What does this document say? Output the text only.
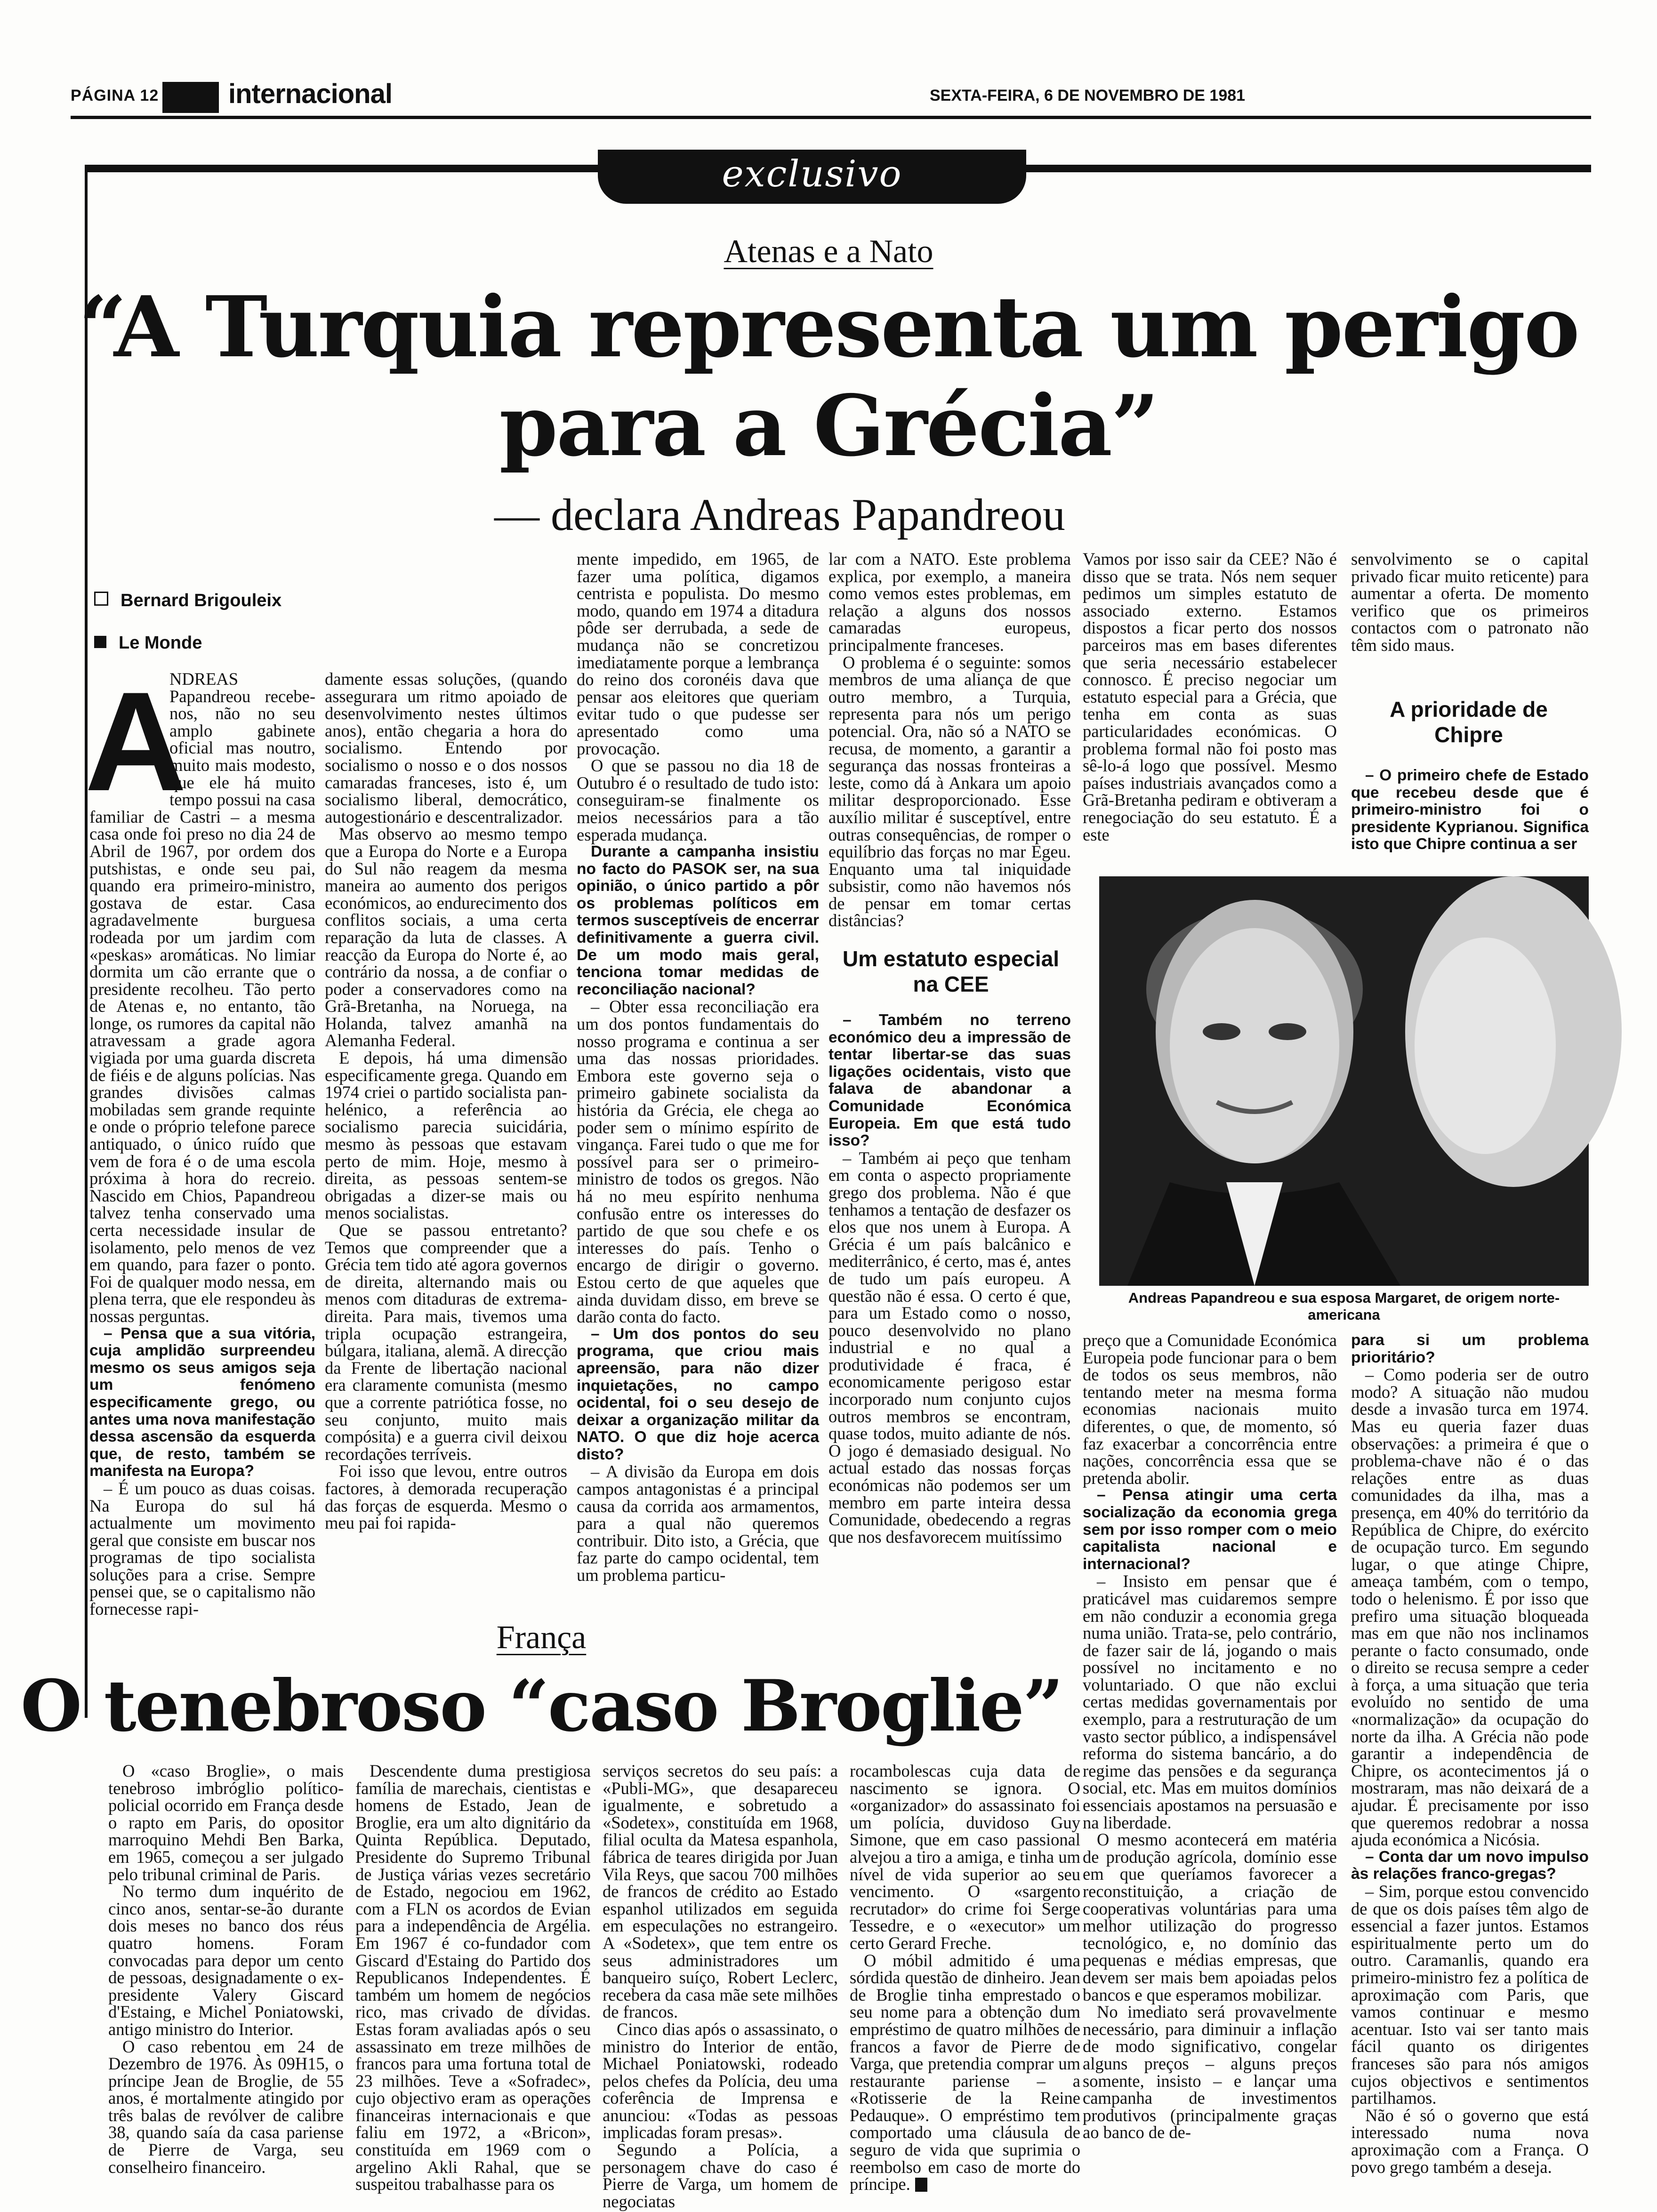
PÁGINA 12	internacional	SEXTA-FEIRA, 6 DE NOVEMBRO DE 1981
exclusivo
Atenas e a Nato
“A Turquia representa um perigo
para a Grécia”
— declara Andreas Papandreou
Bernard Brigouleix
Le Monde
A

NDREAS Papandreou recebe-nos, não no seu amplo gabinete oficial mas noutro, muito mais modesto, que ele há muito tempo possui na casa familiar de Castri – a mesma casa onde foi preso no dia 24 de Abril de 1967, por ordem dos putshistas, e onde seu pai, quando era primeiro-ministro, gostava de estar. Casa agradavelmente burguesa rodeada por um jardim com «peskas» aromáticas. No limiar dormita um cão errante que o presidente recolheu. Tão perto de Atenas e, no entanto, tão longe, os rumores da capital não atravessam a grade agora vigiada por uma guarda discreta de fiéis e de alguns polícias. Nas grandes divisões calmas mobiladas sem grande requinte e onde o próprio telefone parece antiquado, o único ruído que vem de fora é o de uma escola próxima à hora do recreio. Nascido em Chios, Papandreou talvez tenha conservado uma certa necessidade insular de isolamento, pelo menos de vez em quando, para fazer o ponto. Foi de qualquer modo nessa, em plena terra, que ele respondeu às nossas perguntas.

– Pensa que a sua vitória, cuja amplidão surpreendeu mesmo os seus amigos seja um fenómeno especificamente grego, ou antes uma nova manifestação dessa ascensão da esquerda que, de resto, também se manifesta na Europa?

– É um pouco as duas coisas. Na Europa do sul há actualmente um movimento geral que consiste em buscar nos programas de tipo socialista soluções para a crise. Sempre pensei que, se o capitalismo não fornecesse rapi-

damente essas soluções, (quando assegurara um ritmo apoiado de desenvolvimento nestes últimos anos), então chegaria a hora do socialismo. Entendo por socialismo o nosso e o dos nossos camaradas franceses, isto é, um socialismo liberal, democrático, autogestionário e descentralizador.

Mas observo ao mesmo tempo que a Europa do Norte e a Europa do Sul não reagem da mesma maneira ao aumento dos perigos económicos, ao endurecimento dos conflitos sociais, a uma certa reparação da luta de classes. A reacção da Europa do Norte é, ao contrário da nossa, a de confiar o poder a conservadores como na Grã-Bretanha, na Noruega, na Holanda, talvez amanhã na Alemanha Federal.

E depois, há uma dimensão especificamente grega. Quando em 1974 criei o partido socialista pan-helénico, a referência ao socialismo parecia suicidária, mesmo às pessoas que estavam perto de mim. Hoje, mesmo à direita, as pessoas sentem-se obrigadas a dizer-se mais ou menos socialistas.

Que se passou entretanto? Temos que compreender que a Grécia tem tido até agora governos de direita, alternando mais ou menos com ditaduras de extrema-direita. Para mais, tivemos uma tripla ocupação estrangeira, búlgara, italiana, alemã. A direcção da Frente de libertação nacional era claramente comunista (mesmo que a corrente patriótica fosse, no seu conjunto, muito mais compósita) e a guerra civil deixou recordações terríveis.

Foi isso que levou, entre outros factores, à demorada recuperação das forças de esquerda. Mesmo o meu pai foi rapida-

mente impedido, em 1965, de fazer uma política, digamos centrista e populista. Do mesmo modo, quando em 1974 a ditadura pôde ser derrubada, a sede de mudança não se concretizou imediatamente porque a lembrança do reino dos coronéis dava que pensar aos eleitores que queriam evitar tudo o que pudesse ser apresentado como uma provocação.

O que se passou no dia 18 de Outubro é o resultado de tudo isto: conseguiram-se finalmente os meios necessários para a tão esperada mudança.

Durante a campanha insistiu no facto do PASOK ser, na sua opinião, o único partido a pôr os problemas políticos em termos susceptíveis de encerrar definitivamente a guerra civil. De um modo mais geral, tenciona tomar medidas de reconciliação nacional?

– Obter essa reconciliação era um dos pontos fundamentais do nosso programa e continua a ser uma das nossas prioridades. Embora este governo seja o primeiro gabinete socialista da história da Grécia, ele chega ao poder sem o mínimo espírito de vingança. Farei tudo o que me for possível para ser o primeiro-ministro de todos os gregos. Não há no meu espírito nenhuma confusão entre os interesses do partido de que sou chefe e os interesses do país. Tenho o encargo de dirigir o governo. Estou certo de que aqueles que ainda duvidam disso, em breve se darão conta do facto.

– Um dos pontos do seu programa, que criou mais apreensão, para não dizer inquietações, no campo ocidental, foi o seu desejo de deixar a organização militar da NATO. O que diz hoje acerca disto?

– A divisão da Europa em dois campos antagonistas é a principal causa da corrida aos armamentos, para a qual não queremos contribuir. Dito isto, a Grécia, que faz parte do campo ocidental, tem um problema particu-

lar com a NATO. Este problema explica, por exemplo, a maneira como vemos estes problemas, em relação a alguns dos nossos camaradas europeus, principalmente franceses.

O problema é o seguinte: somos membros de uma aliança de que outro membro, a Turquia, representa para nós um perigo potencial. Ora, não só a NATO se recusa, de momento, a garantir a segurança das nossas fronteiras a leste, como dá à Ankara um apoio militar desproporcionado. Esse auxílio militar é susceptível, entre outras consequências, de romper o equilíbrio das forças no mar Egeu. Enquanto uma tal iniquidade subsistir, como não havemos nós de pensar em tomar certas distâncias?

Um estatuto especial na CEE

– Também no terreno económico deu a impressão de tentar libertar-se das suas ligações ocidentais, visto que falava de abandonar a Comunidade Económica Europeia. Em que está tudo isso?

– Também ai peço que tenham em conta o aspecto propriamente grego dos problema. Não é que tenhamos a tentação de desfazer os elos que nos unem à Europa. A Grécia é um país balcânico e mediterrânico, é certo, mas é, antes de tudo um país europeu. A questão não é essa. O certo é que, para um Estado como o nosso, pouco desenvolvido no plano industrial e no qual a produtividade é fraca, é economicamente perigoso estar incorporado num conjunto cujos outros membros se encontram, quase todos, muito adiante de nós. O jogo é demasiado desigual. No actual estado das nossas forças económicas não podemos ser um membro em parte inteira dessa Comunidade, obedecendo a regras que nos desfavorecem muitíssimo

Vamos por isso sair da CEE? Não é disso que se trata. Nós nem sequer pedimos um simples estatuto de associado externo. Estamos dispostos a ficar perto dos nossos parceiros mas em bases diferentes que seria necessário estabelecer connosco. É preciso negociar um estatuto especial para a Grécia, que tenha em conta as suas particularidades económicas. O problema formal não foi posto mas sê-lo-á logo que possível. Mesmo países industriais avançados como a Grã-Bretanha pediram e obtiveram a renegociação do seu estatuto. É a este

senvolvimento se o capital privado ficar muito reticente) para aumentar a oferta. De momento verifico que os primeiros contactos com o patronato não têm sido maus.

A prioridade de Chipre

– O primeiro chefe de Estado que recebeu desde que é primeiro-ministro foi o presidente Kyprianou. Significa isto que Chipre continua a ser

Andreas Papandreou e sua esposa Margaret, de origem norte-americana

preço que a Comunidade Económica Europeia pode funcionar para o bem de todos os seus membros, não tentando meter na mesma forma economias nacionais muito diferentes, o que, de momento, só faz exacerbar a concorrência entre nações, concorrência essa que se pretenda abolir.

– Pensa atingir uma certa socialização da economia grega sem por isso romper com o meio capitalista nacional e internacional?

– Insisto em pensar que é praticável mas cuidaremos sempre em não conduzir a economia grega numa união. Trata-se, pelo contrário, de fazer sair de lá, jogando o mais possível no incitamento e no voluntariado. O que não exclui certas medidas governamentais por exemplo, para a restruturação de um vasto sector público, a indispensável reforma do sistema bancário, a do regime das pensões e da segurança social, etc. Mas em muitos domínios essenciais apostamos na persuasão e na liberdade.

O mesmo acontecerá em matéria de produção agrícola, domínio esse em que queríamos favorecer a reconstituição, a criação de cooperativas voluntárias para uma melhor utilização do progresso tecnológico, e, no domínio das pequenas e médias empresas, que devem ser mais bem apoiadas pelos bancos e que esperamos mobilizar.

No imediato será provavelmente necessário, para diminuir a inflação de modo significativo, congelar alguns preços – alguns preços somente, insisto – e lançar uma campanha de investimentos produtivos (principalmente graças ao banco de de-

para si um problema prioritário?

– Como poderia ser de outro modo? A situação não mudou desde a invasão turca em 1974. Mas eu queria fazer duas observações: a primeira é que o problema-chave não é o das relações entre as duas comunidades da ilha, mas a presença, em 40% do território da República de Chipre, do exército de ocupação turco. Em segundo lugar, o que atinge Chipre, ameaça também, com o tempo, todo o helenismo. É por isso que prefiro uma situação bloqueada mas em que não nos inclinamos perante o facto consumado, onde o direito se recusa sempre a ceder à força, a uma situação que teria evoluído no sentido de uma «normalização» da ocupação do norte da ilha. A Grécia não pode garantir a independência de Chipre, os acontecimentos já o mostraram, mas não deixará de a ajudar. É precisamente por isso que queremos redobrar a nossa ajuda económica a Nicósia.

– Conta dar um novo impulso às relações franco-gregas?

– Sim, porque estou convencido de que os dois países têm algo de essencial a fazer juntos. Estamos espiritualmente perto um do outro. Caramanlis, quando era primeiro-ministro fez a política de aproximação com Paris, que vamos continuar e mesmo acentuar. Isto vai ser tanto mais fácil quanto os dirigentes franceses são para nós amigos cujos objectivos e sentimentos partilhamos.

Não é só o governo que está interessado numa nova aproximação com a França. O povo grego também a deseja.

França
O tenebroso “caso Broglie”

O «caso Broglie», o mais tenebroso imbróglio político-policial ocorrido em França desde o rapto em Paris, do opositor marroquino Mehdi Ben Barka, em 1965, começou a ser julgado pelo tribunal criminal de Paris.

No termo dum inquérito de cinco anos, sentar-se-ão durante dois meses no banco dos réus quatro homens. Foram convocadas para depor um cento de pessoas, designadamente o ex-presidente Valery Giscard d'Estaing, e Michel Poniatowski, antigo ministro do Interior.

O caso rebentou em 24 de Dezembro de 1976. Às 09H15, o príncipe Jean de Broglie, de 55 anos, é mortalmente atingido por três balas de revólver de calibre 38, quando saía da casa pariense de Pierre de Varga, seu conselheiro financeiro.

Descendente duma prestigiosa família de marechais, cientistas e homens de Estado, Jean de Broglie, era um alto dignitário da Quinta República. Deputado, Presidente do Supremo Tribunal de Justiça várias vezes secretário de Estado, negociou em 1962, com a FLN os acordos de Evian para a independência de Argélia. Em 1967 é co-fundador com Giscard d'Estaing do Partido dos Republicanos Independentes. É também um homem de negócios rico, mas crivado de dívidas. Estas foram avaliadas após o seu assassinato em treze milhões de francos para uma fortuna total de 23 milhões. Teve a «Sofradec», cujo objectivo eram as operações financeiras internacionais e que faliu em 1972, a «Bricon», constituída em 1969 com o argelino Akli Rahal, que se suspeitou trabalhasse para os

serviços secretos do seu país: a «Publi-MG», que desapareceu igualmente, e sobretudo a «Sodetex», constituída em 1968, filial oculta da Matesa espanhola, fábrica de teares dirigida por Juan Vila Reys, que sacou 700 milhões de francos de crédito ao Estado espanhol utilizados em seguida em especulações no estrangeiro. A «Sodetex», que tem entre os seus administradores um banqueiro suíço, Robert Leclerc, recebera da casa mãe sete milhões de francos.

Cinco dias após o assassinato, o ministro do Interior de então, Michael Poniatowski, rodeado pelos chefes da Polícia, deu uma coferência de Imprensa e anunciou: «Todas as pessoas implicadas foram presas».

Segundo a Polícia, a personagem chave do caso é Pierre de Varga, um homem de negociatas

rocambolescas cuja data de nascimento se ignora. O «organizador» do assassinato foi um polícia, duvidoso Guy Simone, que em caso passional alvejou a tiro a amiga, e tinha um nível de vida superior ao seu vencimento. O «sargento recrutador» do crime foi Serge Tessedre, e o «executor» um certo Gerard Freche.

O móbil admitido é uma sórdida questão de dinheiro. Jean de Broglie tinha emprestado o seu nome para a obtenção dum empréstimo de quatro milhões de francos a favor de Pierre de Varga, que pretendia comprar um restaurante pariense – a «Rotisserie de la Reine Pedauque». O empréstimo tem comportado uma cláusula de seguro de vida que suprimia o reembolso em caso de morte do príncipe.
